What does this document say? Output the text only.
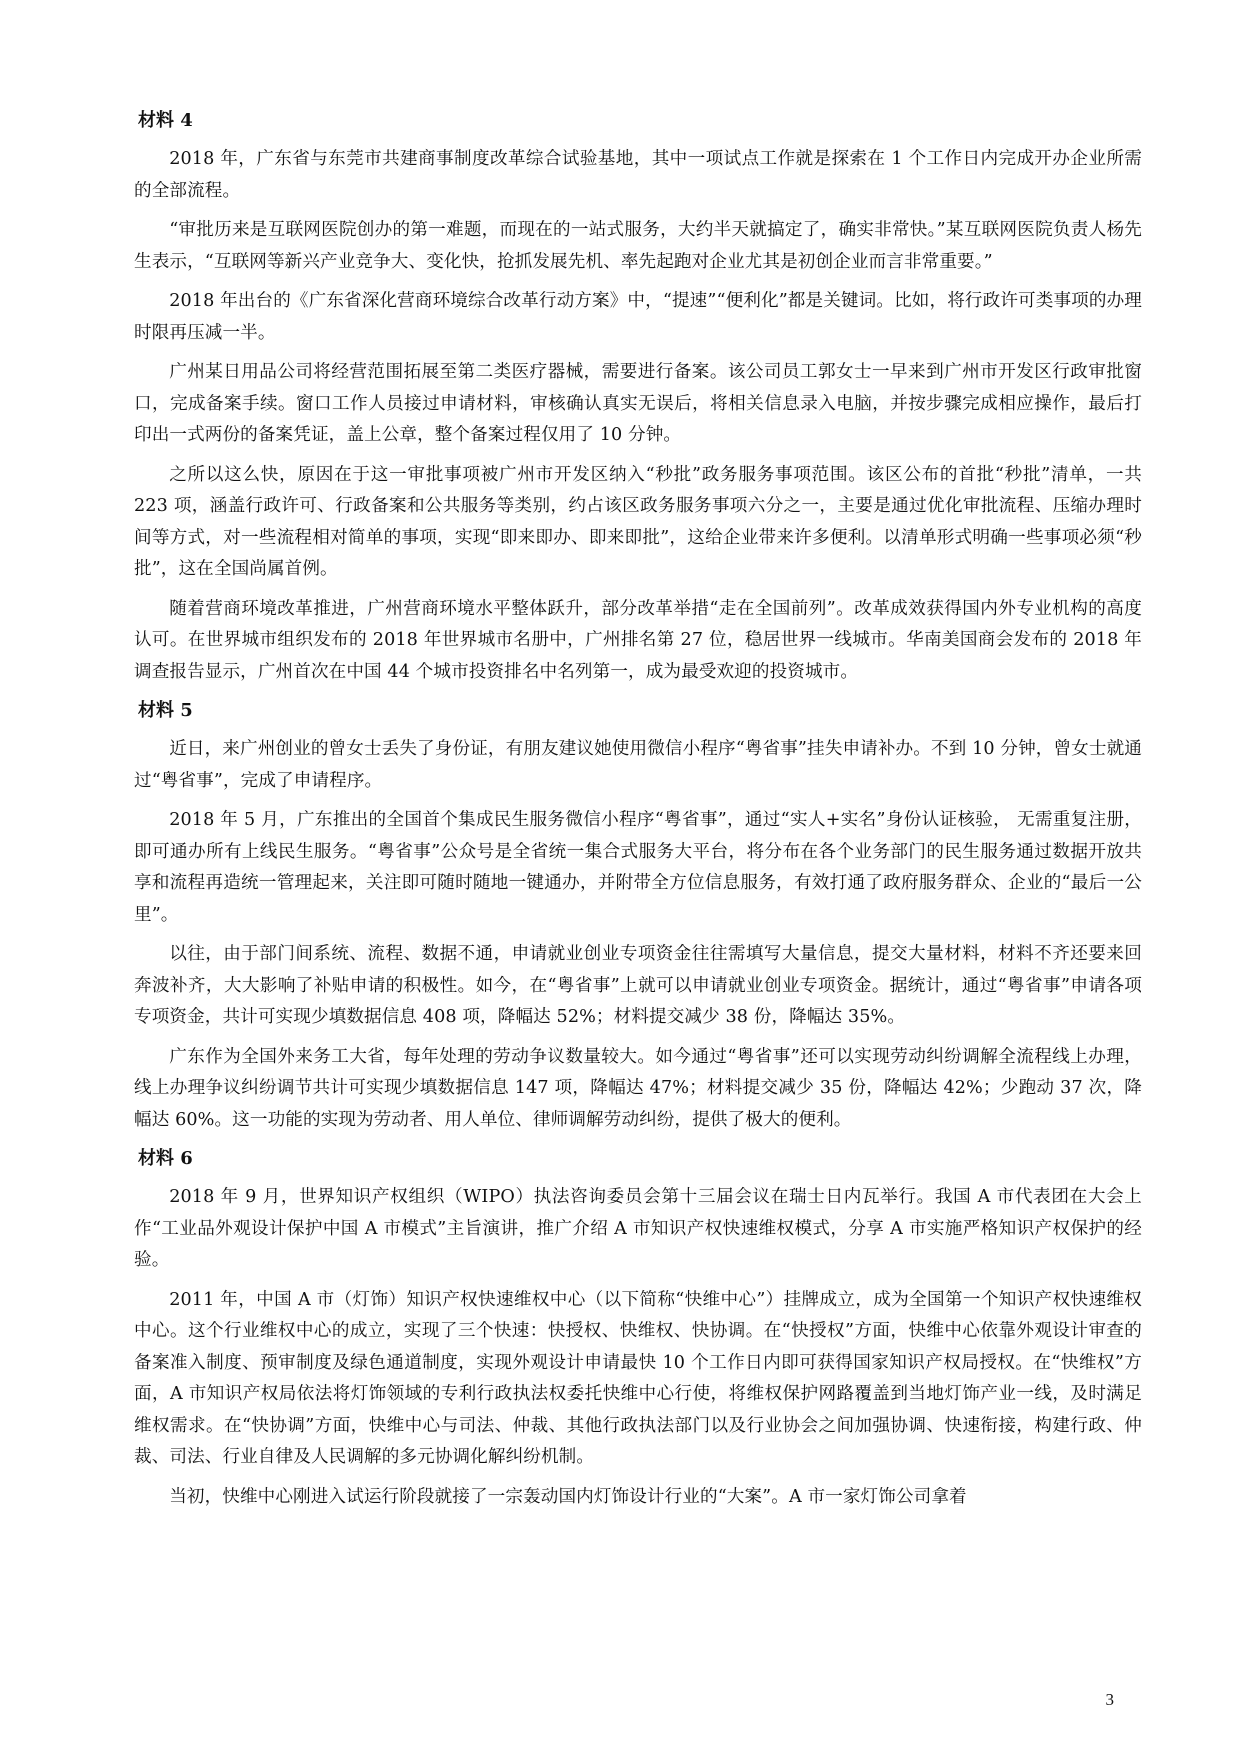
材料 4

2018 年，广东省与东莞市共建商事制度改革综合试验基地，其中一项试点工作就是探索在 1 个工作日内完成开办企业所需的全部流程。

“审批历来是互联网医院创办的第一难题，而现在的一站式服务，大约半天就搞定了，确实非常快。”某互联网医院负责人杨先生表示，“互联网等新兴产业竞争大、变化快，抢抓发展先机、率先起跑对企业尤其是初创企业而言非常重要。”

2018 年出台的《广东省深化营商环境综合改革行动方案》中，“提速”“便利化”都是关键词。比如，将行政许可类事项的办理时限再压减一半。

广州某日用品公司将经营范围拓展至第二类医疗器械，需要进行备案。该公司员工郭女士一早来到广州市开发区行政审批窗口，完成备案手续。窗口工作人员接过申请材料，审核确认真实无误后，将相关信息录入电脑，并按步骤完成相应操作，最后打印出一式两份的备案凭证，盖上公章，整个备案过程仅用了 10 分钟。

之所以这么快，原因在于这一审批事项被广州市开发区纳入“秒批”政务服务事项范围。该区公布的首批“秒批”清单，一共 223 项，涵盖行政许可、行政备案和公共服务等类别，约占该区政务服务事项六分之一，主要是通过优化审批流程、压缩办理时间等方式，对一些流程相对简单的事项，实现“即来即办、即来即批”，这给企业带来许多便利。以清单形式明确一些事项必须“秒批”，这在全国尚属首例。

随着营商环境改革推进，广州营商环境水平整体跃升，部分改革举措“走在全国前列”。改革成效获得国内外专业机构的高度认可。在世界城市组织发布的 2018 年世界城市名册中，广州排名第 27 位，稳居世界一线城市。华南美国商会发布的 2018 年调查报告显示，广州首次在中国 44 个城市投资排名中名列第一，成为最受欢迎的投资城市。

材料 5

近日，来广州创业的曾女士丢失了身份证，有朋友建议她使用微信小程序“粤省事”挂失申请补办。不到 10 分钟，曾女士就通过“粤省事”，完成了申请程序。

2018 年 5 月，广东推出的全国首个集成民生服务微信小程序“粤省事”，通过“实人+实名”身份认证核验， 无需重复注册，即可通办所有上线民生服务。“粤省事”公众号是全省统一集合式服务大平台，将分布在各个业务部门的民生服务通过数据开放共享和流程再造统一管理起来，关注即可随时随地一键通办，并附带全方位信息服务，有效打通了政府服务群众、企业的“最后一公里”。

以往，由于部门间系统、流程、数据不通，申请就业创业专项资金往往需填写大量信息，提交大量材料，材料不齐还要来回奔波补齐，大大影响了补贴申请的积极性。如今，在“粤省事”上就可以申请就业创业专项资金。据统计，通过“粤省事”申请各项专项资金，共计可实现少填数据信息 408 项，降幅达 52%；材料提交减少 38 份，降幅达 35%。

广东作为全国外来务工大省，每年处理的劳动争议数量较大。如今通过“粤省事”还可以实现劳动纠纷调解全流程线上办理，线上办理争议纠纷调节共计可实现少填数据信息 147 项，降幅达 47%；材料提交减少 35 份，降幅达 42%；少跑动 37 次，降幅达 60%。这一功能的实现为劳动者、用人单位、律师调解劳动纠纷，提供了极大的便利。

材料 6

2018 年 9 月，世界知识产权组织（WIPO）执法咨询委员会第十三届会议在瑞士日内瓦举行。我国 A 市代表团在大会上作“工业品外观设计保护中国 A 市模式”主旨演讲，推广介绍 A 市知识产权快速维权模式，分享 A 市实施严格知识产权保护的经验。

2011 年，中国 A 市（灯饰）知识产权快速维权中心（以下简称“快维中心”）挂牌成立，成为全国第一个知识产权快速维权中心。这个行业维权中心的成立，实现了三个快速：快授权、快维权、快协调。在“快授权”方面，快维中心依靠外观设计审查的备案准入制度、预审制度及绿色通道制度，实现外观设计申请最快 10 个工作日内即可获得国家知识产权局授权。在“快维权”方面，A 市知识产权局依法将灯饰领域的专利行政执法权委托快维中心行使，将维权保护网路覆盖到当地灯饰产业一线，及时满足维权需求。在“快协调”方面，快维中心与司法、仲裁、其他行政执法部门以及行业协会之间加强协调、快速衔接，构建行政、仲裁、司法、行业自律及人民调解的多元协调化解纠纷机制。

当初，快维中心刚进入试运行阶段就接了一宗轰动国内灯饰设计行业的“大案”。A 市一家灯饰公司拿着

3
